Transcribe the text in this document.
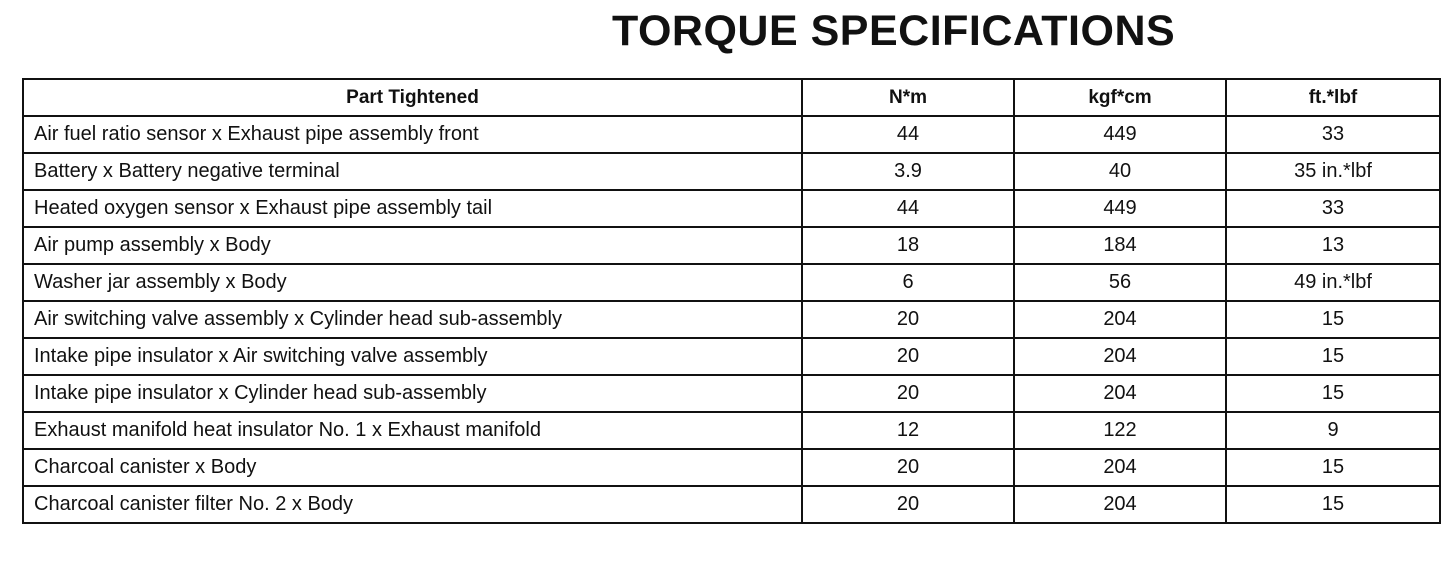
TORQUE SPECIFICATIONS
Part Tightened	N*m	kgf*cm	ft.*lbf
Air fuel ratio sensor x Exhaust pipe assembly front	44	449	33
Battery x Battery negative terminal	3.9	40	35 in.*lbf
Heated oxygen sensor x Exhaust pipe assembly tail	44	449	33
Air pump assembly x Body	18	184	13
Washer jar assembly x Body	6	56	49 in.*lbf
Air switching valve assembly x Cylinder head sub-assembly	20	204	15
Intake pipe insulator x Air switching valve assembly	20	204	15
Intake pipe insulator x Cylinder head sub-assembly	20	204	15
Exhaust manifold heat insulator No. 1 x Exhaust manifold	12	122	9
Charcoal canister x Body	20	204	15
Charcoal canister filter No. 2 x Body	20	204	15
